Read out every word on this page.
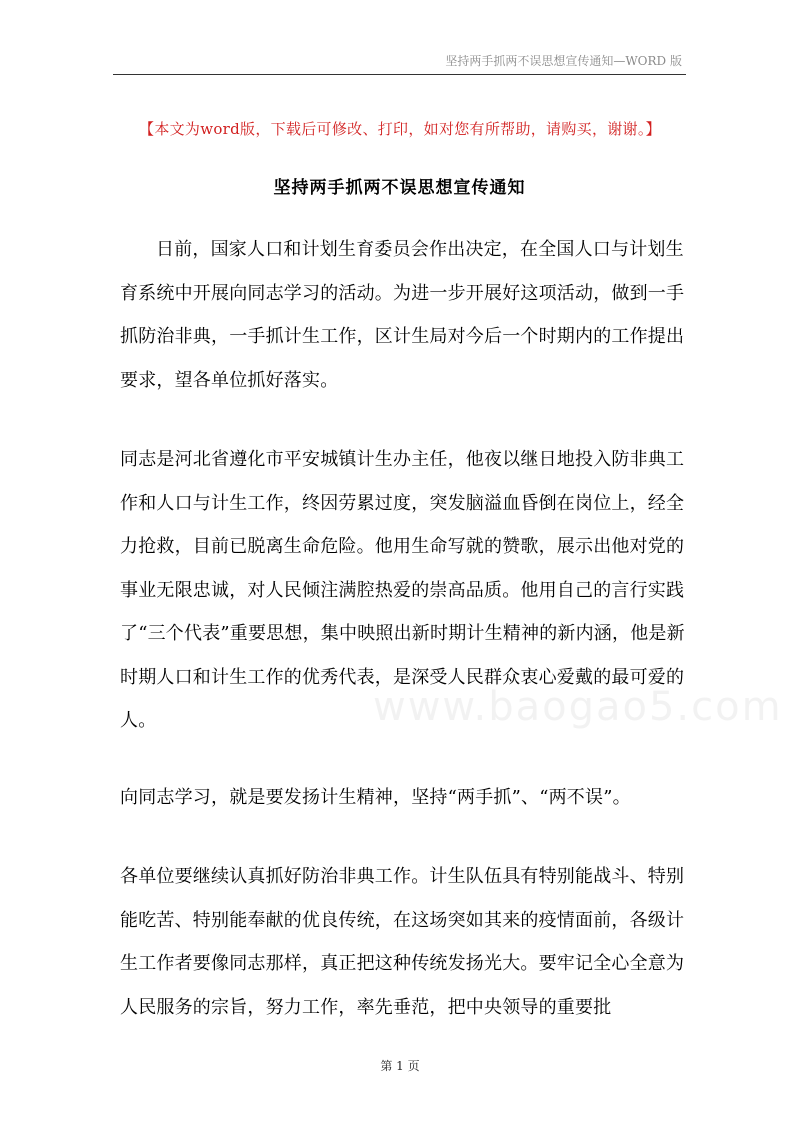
坚持两手抓两不误思想宣传通知—WORD 版
【本文为word版，下载后可修改、打印，如对您有所帮助，请购买，谢谢。】
坚持两手抓两不误思想宣传通知

日前，国家人口和计划生育委员会作出决定，在全国人口与计划生育系统中开展向同志学习的活动。为进一步开展好这项活动，做到一手抓防治非典，一手抓计生工作，区计生局对今后一个时期内的工作提出要求，望各单位抓好落实。

同志是河北省遵化市平安城镇计生办主任，他夜以继日地投入防非典工作和人口与计生工作，终因劳累过度，突发脑溢血昏倒在岗位上，经全力抢救，目前已脱离生命危险。他用生命写就的赞歌，展示出他对党的事业无限忠诚，对人民倾注满腔热爱的崇高品质。他用自己的言行实践了“三个代表”重要思想，集中映照出新时期计生精神的新内涵，他是新时期人口和计生工作的优秀代表，是深受人民群众衷心爱戴的最可爱的人。

向同志学习，就是要发扬计生精神，坚持“两手抓”、“两不误”。

各单位要继续认真抓好防治非典工作。计生队伍具有特别能战斗、特别能吃苦、特别能奉献的优良传统，在这场突如其来的疫情面前，各级计生工作者要像同志那样，真正把这种传统发扬光大。要牢记全心全意为人民服务的宗旨，努力工作，率先垂范，把中央领导的重要批

www.baogao5.com
第 1 页
